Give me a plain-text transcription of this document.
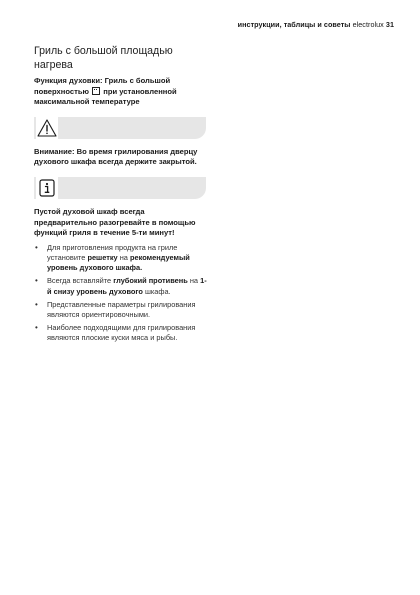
инструкции, таблицы и советы electrolux 31
Гриль с большой площадью нагрева

Функция духовки: Гриль с большой поверхностью при установленной максимальной температуре

Внимание: Во время грилирования дверцу духового шкафа всегда держите закрытой.

Пустой духовой шкаф всегда предварительно разогревайте в помощью функций гриля в течение 5-ти минут!

• Для приготовления продукта на гриле установите решетку на рекомендуемый уровень духового шкафа.
• Всегда вставляйте глубокий противень на 1-й снизу уровень духового шкафа.
• Представленные параметры грилирования являются ориентировочными.
• Наиболее подходящими для грилирования являются плоские куски мяса и рыбы.
